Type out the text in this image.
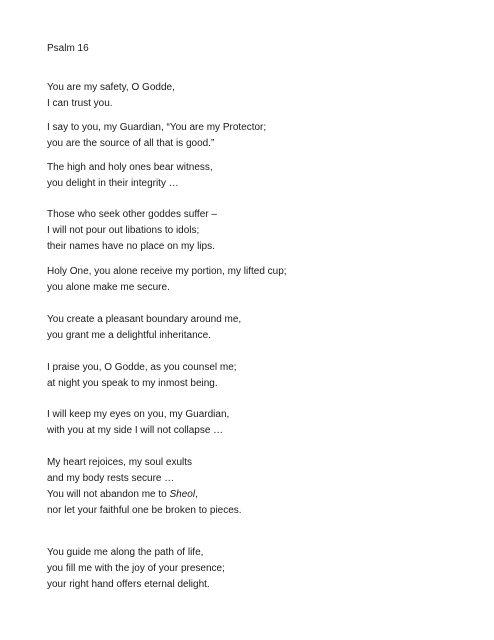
Psalm 16
You are my safety, O Godde,
I can trust you.
I say to you, my Guardian, “You are my Protector;
you are the source of all that is good.”
The high and holy ones bear witness,
you delight in their integrity …
Those who seek other goddes suffer –
I will not pour out libations to idols;
their names have no place on my lips.
Holy One, you alone receive my portion, my lifted cup;
you alone make me secure.
You create a pleasant boundary around me,
you grant me a delightful inheritance.
I praise you, O Godde, as you counsel me;
at night you speak to my inmost being.
I will keep my eyes on you, my Guardian,
with you at my side I will not collapse …
My heart rejoices, my soul exults
and my body rests secure …
You will not abandon me to Sheol,
nor let your faithful one be broken to pieces.
You guide me along the path of life,
you fill me with the joy of your presence;
your right hand offers eternal delight.
